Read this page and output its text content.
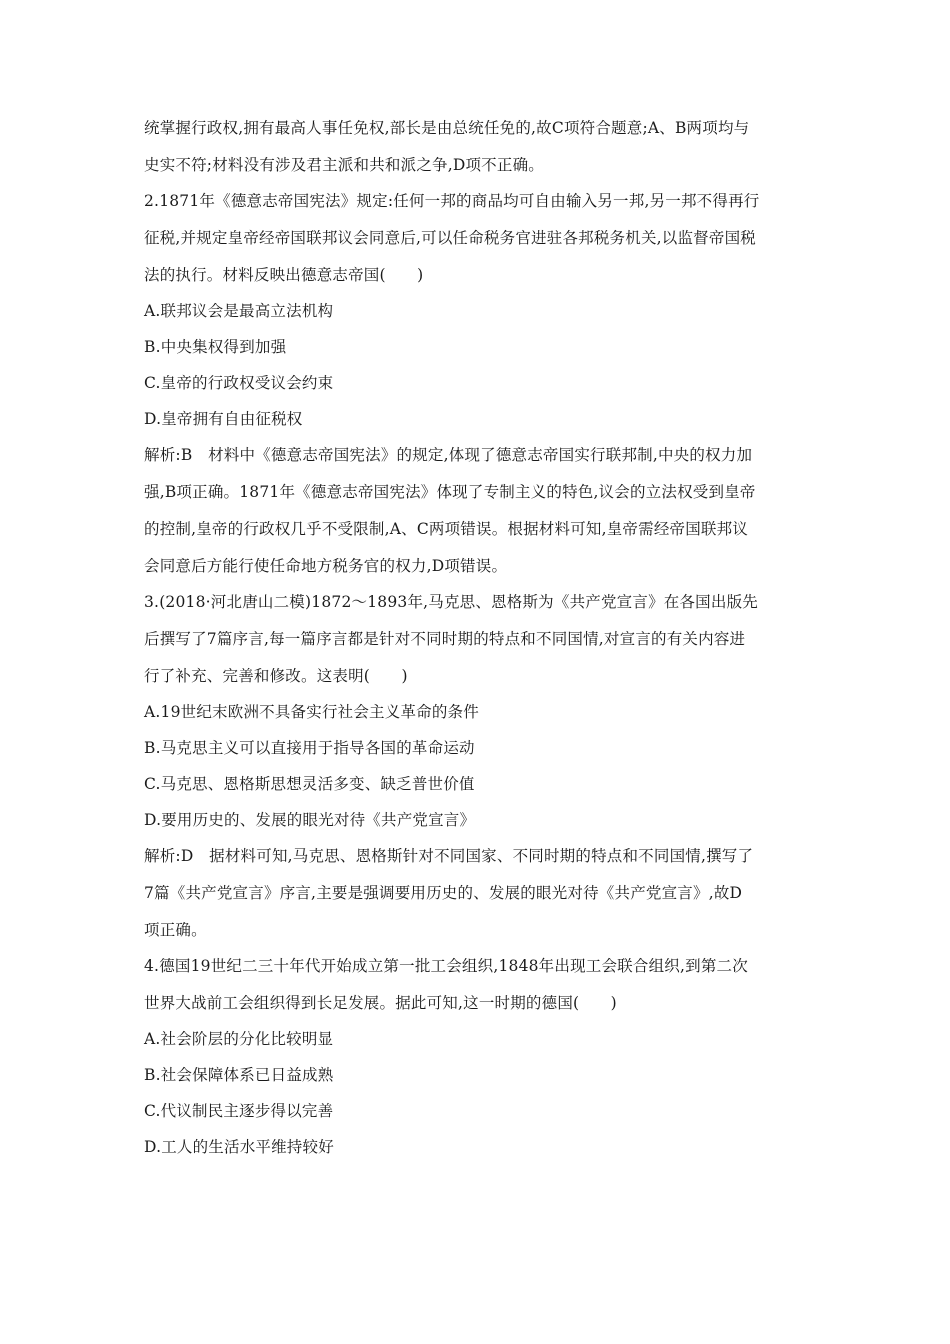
统掌握行政权,拥有最高人事任免权,部长是由总统任免的,故C项符合题意;A、B两项均与
史实不符;材料没有涉及君主派和共和派之争,D项不正确。
2.1871年《德意志帝国宪法》规定:任何一邦的商品均可自由输入另一邦,另一邦不得再行
征税,并规定皇帝经帝国联邦议会同意后,可以任命税务官进驻各邦税务机关,以监督帝国税
法的执行。材料反映出德意志帝国(　　)
A.联邦议会是最高立法机构
B.中央集权得到加强
C.皇帝的行政权受议会约束
D.皇帝拥有自由征税权
解析:B　材料中《德意志帝国宪法》的规定,体现了德意志帝国实行联邦制,中央的权力加
强,B项正确。1871年《德意志帝国宪法》体现了专制主义的特色,议会的立法权受到皇帝
的控制,皇帝的行政权几乎不受限制,A、C两项错误。根据材料可知,皇帝需经帝国联邦议
会同意后方能行使任命地方税务官的权力,D项错误。
3.(2018·河北唐山二模)1872～1893年,马克思、恩格斯为《共产党宣言》在各国出版先
后撰写了7篇序言,每一篇序言都是针对不同时期的特点和不同国情,对宣言的有关内容进
行了补充、完善和修改。这表明(　　)
A.19世纪末欧洲不具备实行社会主义革命的条件
B.马克思主义可以直接用于指导各国的革命运动
C.马克思、恩格斯思想灵活多变、缺乏普世价值
D.要用历史的、发展的眼光对待《共产党宣言》
解析:D　据材料可知,马克思、恩格斯针对不同国家、不同时期的特点和不同国情,撰写了
7篇《共产党宣言》序言,主要是强调要用历史的、发展的眼光对待《共产党宣言》,故D
项正确。
4.德国19世纪二三十年代开始成立第一批工会组织,1848年出现工会联合组织,到第二次
世界大战前工会组织得到长足发展。据此可知,这一时期的德国(　　)
A.社会阶层的分化比较明显
B.社会保障体系已日益成熟
C.代议制民主逐步得以完善
D.工人的生活水平维持较好
